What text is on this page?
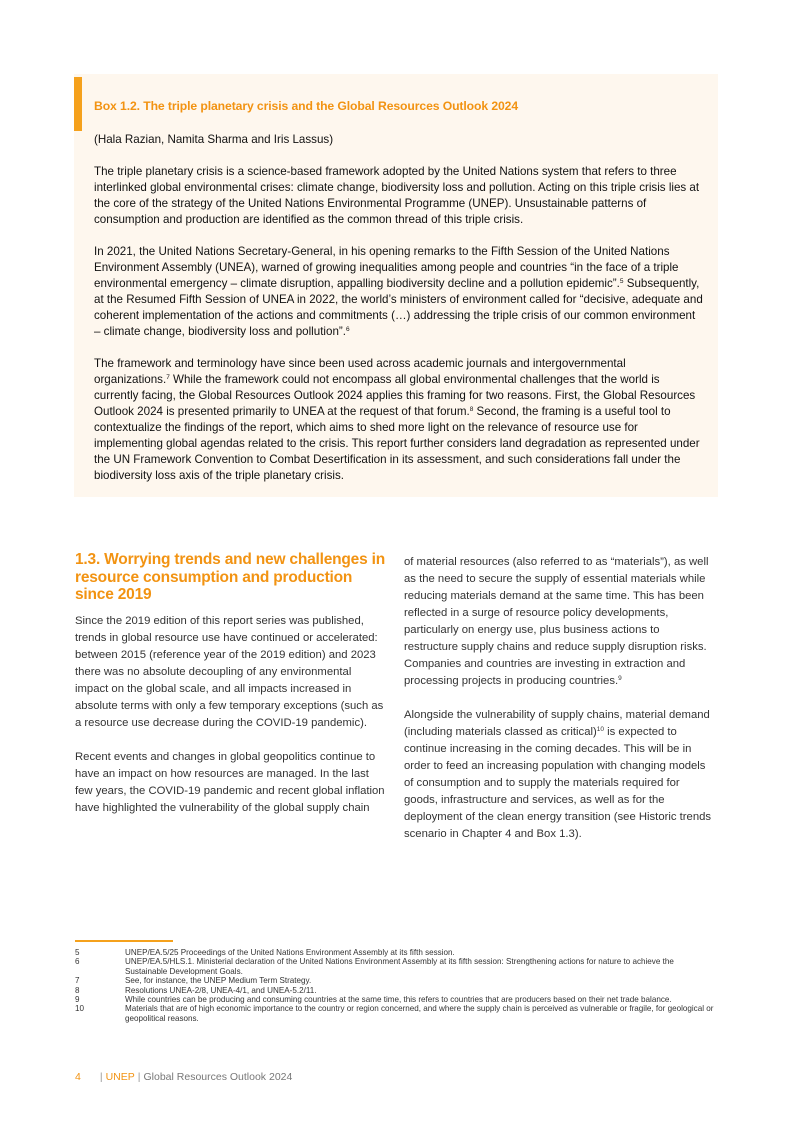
Box 1.2. The triple planetary crisis and the Global Resources Outlook 2024

(Hala Razian, Namita Sharma and Iris Lassus)

The triple planetary crisis is a science-based framework adopted by the United Nations system that refers to three interlinked global environmental crises: climate change, biodiversity loss and pollution. Acting on this triple crisis lies at the core of the strategy of the United Nations Environmental Programme (UNEP). Unsustainable patterns of consumption and production are identified as the common thread of this triple crisis.

In 2021, the United Nations Secretary-General, in his opening remarks to the Fifth Session of the United Nations Environment Assembly (UNEA), warned of growing inequalities among people and countries “in the face of a triple environmental emergency – climate disruption, appalling biodiversity decline and a pollution epidemic”.$^5$ Subsequently, at the Resumed Fifth Session of UNEA in 2022, the world’s ministers of environment called for “decisive, adequate and coherent implementation of the actions and commitments (…) addressing the triple crisis of our common environment – climate change, biodiversity loss and pollution”.$^6$

The framework and terminology have since been used across academic journals and intergovernmental organizations.$^7$ While the framework could not encompass all global environmental challenges that the world is currently facing, the Global Resources Outlook 2024 applies this framing for two reasons. First, the Global Resources Outlook 2024 is presented primarily to UNEA at the request of that forum.$^8$ Second, the framing is a useful tool to contextualize the findings of the report, which aims to shed more light on the relevance of resource use for implementing global agendas related to the crisis. This report further considers land degradation as represented under the UN Framework Convention to Combat Desertification in its assessment, and such considerations fall under the biodiversity loss axis of the triple planetary crisis.

1.3. Worrying trends and new challenges in resource consumption and production since 2019

Since the 2019 edition of this report series was published, trends in global resource use have continued or accelerated: between 2015 (reference year of the 2019 edition) and 2023 there was no absolute decoupling of any environmental impact on the global scale, and all impacts increased in absolute terms with only a few temporary exceptions (such as a resource use decrease during the COVID-19 pandemic).

Recent events and changes in global geopolitics continue to have an impact on how resources are managed. In the last few years, the COVID-19 pandemic and recent global inflation have highlighted the vulnerability of the global supply chain

of material resources (also referred to as “materials”), as well as the need to secure the supply of essential materials while reducing materials demand at the same time. This has been reflected in a surge of resource policy developments, particularly on energy use, plus business actions to restructure supply chains and reduce supply disruption risks. Companies and countries are investing in extraction and processing projects in producing countries.$^9$

Alongside the vulnerability of supply chains, material demand (including materials classed as critical)$^{10}$ is expected to continue increasing in the coming decades. This will be in order to feed an increasing population with changing models of consumption and to supply the materials required for goods, infrastructure and services, as well as for the deployment of the clean energy transition (see Historic trends scenario in Chapter 4 and Box 1.3).

5	UNEP/EA.5/25 Proceedings of the United Nations Environment Assembly at its fifth session.
6	UNEP/EA.5/HLS.1. Ministerial declaration of the United Nations Environment Assembly at its fifth session: Strengthening actions for nature to achieve the Sustainable Development Goals.
7	See, for instance, the UNEP Medium Term Strategy.
8	Resolutions UNEA-2/8, UNEA-4/1, and UNEA-5.2/11.
9	While countries can be producing and consuming countries at the same time, this refers to countries that are producers based on their net trade balance.
10	Materials that are of high economic importance to the country or region concerned, and where the supply chain is perceived as vulnerable or fragile, for geological or geopolitical reasons.
4 | UNEP | Global Resources Outlook 2024
